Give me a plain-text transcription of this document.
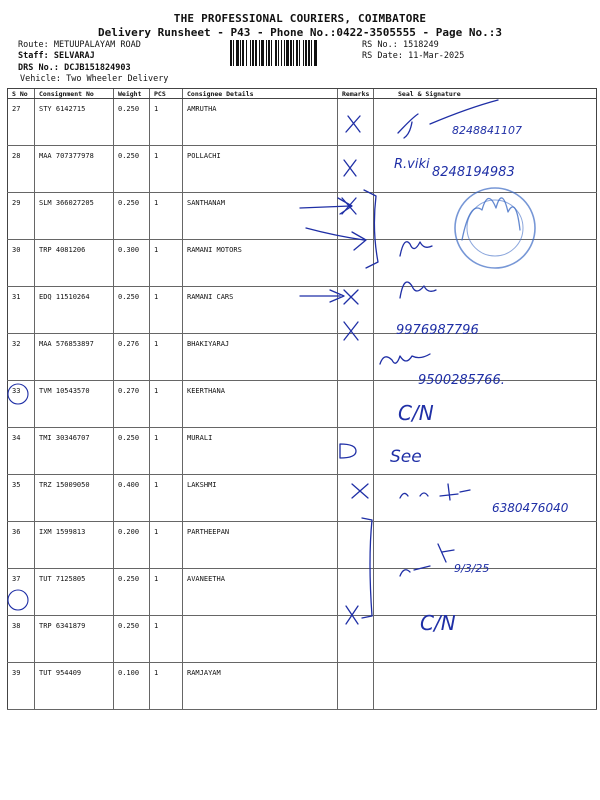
THE PROFESSIONAL COURIERS, COIMBATORE
Delivery Runsheet - P43 - Phone No.:0422-3505555 - Page No.:3
Route: METUUPALAYAM ROAD
Staff: SELVARAJ
DRS No.: DCJB151824903
Vehicle: Two Wheeler Delivery
RS No.: 1518249
RS Date: 11-Mar-2025
S No	Consignment No	Weight	PCS	Consignee Details	Remarks	Seal & Signature
27	STY 6142715	0.250	1	AMRUTHA		
28	MAA 707377978	0.250	1	POLLACHI		
29	SLM 366027205	0.250	1	SANTHANAM		
30	TRP 4081206	0.300	1	RAMANI MOTORS		
31	EDQ 11510264	0.250	1	RAMANI CARS		
32	MAA 576853897	0.276	1	BHAKIYARAJ		
33	TVM 10543570	0.270	1	KEERTHANA		
34	TMI 30346707	0.250	1	MURALI		
35	TRZ 15009050	0.400	1	LAKSHMI		
36	IXM 1599813	0.200	1	PARTHEEPAN		
37	TUT 7125805	0.250	1	AVANEETHA		
38	TRP 6341879	0.250	1			
39	TUT 954409	0.100	1	RAMJAYAM		
8248841107
R.viki
8248194983
9976987796
9500285766.
C/N
See
6380476040
9/3/25
C/N
